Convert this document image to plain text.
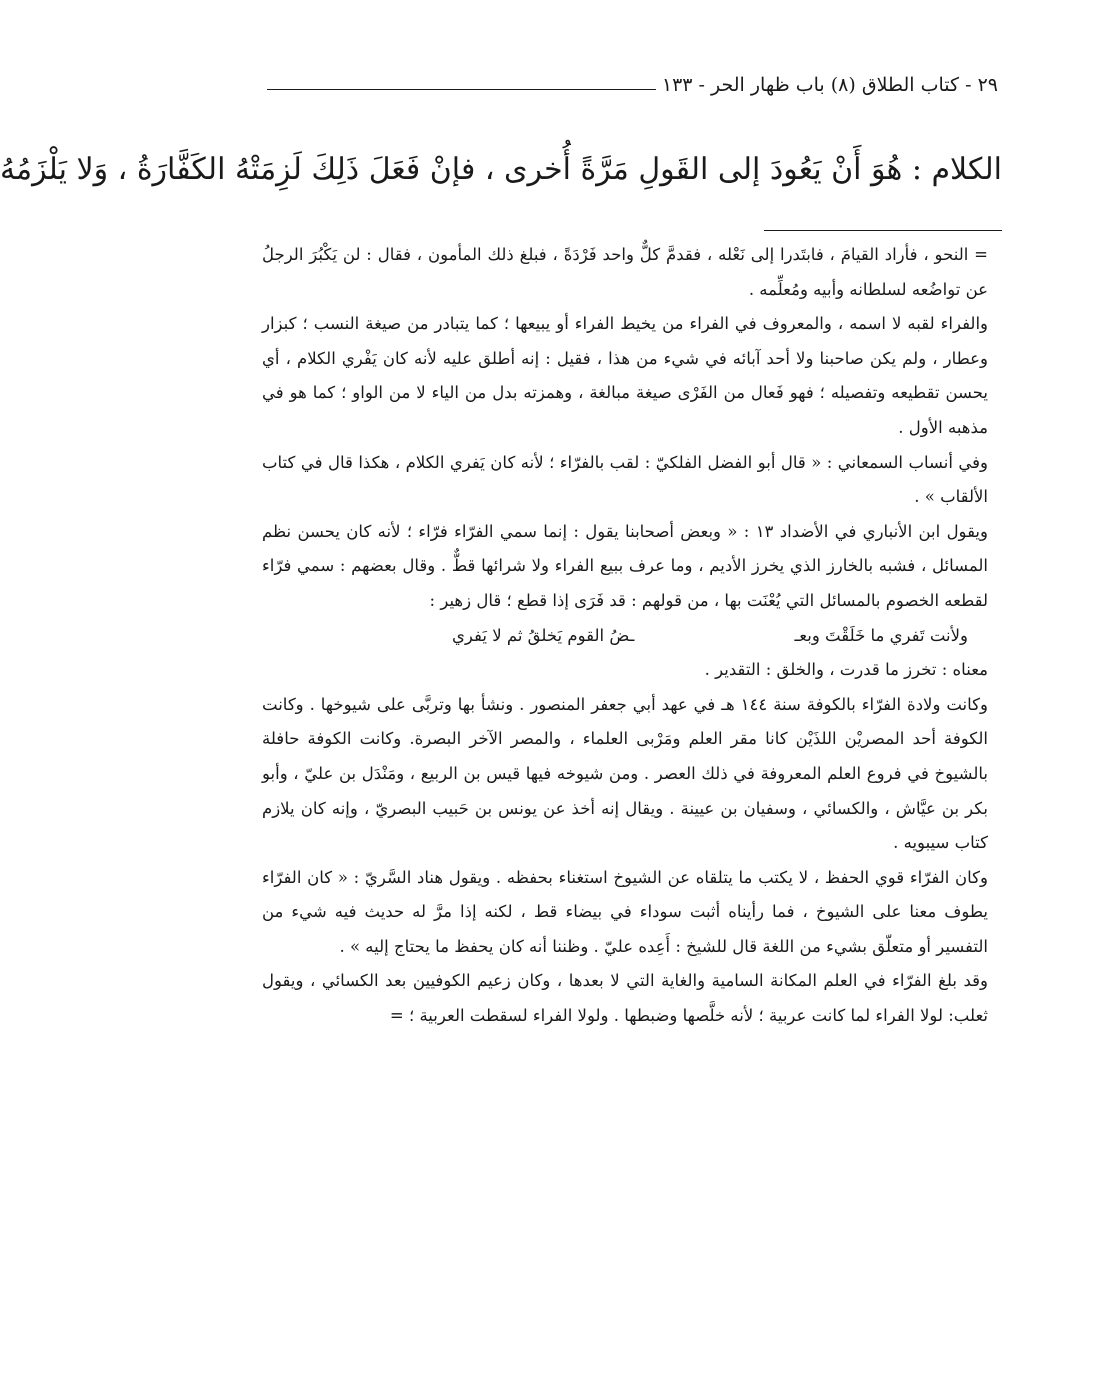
٢٩ - كتاب الطلاق (٨) باب ظهار الحر - ١٣٣
الكلام : هُوَ أَنْ يَعُودَ إلى القَولِ مَرَّةً أُخرى ، فإنْ فَعَلَ ذَلِكَ لَزِمَتْهُ الكَفَّارَةُ ، وَلا يَلْزَمُهُ

= النحو ، فأراد القيامَ ، فابتَدرا إلى نَعْله ، فقدمَّ كلٌّ واحد فَرْدَةً ، فبلغ ذلك المأمون ، فقال : لن يَكْبُرَ الرجلُ عن تواضُعه لسلطانه وأبيه ومُعلِّمه .

والفراء لقبه لا اسمه ، والمعروف في الفراء من يخيط الفراء أو يبيعها ؛ كما يتبادر من صيغة النسب ؛ كبزار وعطار ، ولم يكن صاحبنا ولا أحد آبائه في شيء من هذا ، فقيل : إنه أطلق عليه لأنه كان يَفْري الكلام ، أي يحسن تقطيعه وتفصيله ؛ فهو فَعال من الفَرْى صيغة مبالغة ، وهمزته بدل من الياء لا من الواو ؛ كما هو في مذهبه الأول .

وفي أنساب السمعاني : « قال أبو الفضل الفلكيّ : لقب بالفرّاء ؛ لأنه كان يَفري الكلام ، هكذا قال في كتاب الألقاب » .

ويقول ابن الأنباري في الأضداد ١٣ : « وبعض أصحابنا يقول : إنما سمي الفرّاء فرّاء ؛ لأنه كان يحسن نظم المسائل ، فشبه بالخارز الذي يخرز الأديم ، وما عرف ببيع الفراء ولا شرائها قطٌّ . وقال بعضهم : سمي فرّاء لقطعه الخصوم بالمسائل التي يُعْنَت بها ، من قولهم : قد فَرَى إذا قطع ؛ قال زهير :

ولأنت تَفري ما خَلَقْتَ وبعـ
ـضُ القوم يَخلقُ ثم لا يَفري

معناه : تخرز ما قدرت ، والخلق : التقدير .

وكانت ولادة الفرّاء بالكوفة سنة ١٤٤ هـ في عهد أبي جعفر المنصور . ونشأ بها وتربَّى على شيوخها . وكانت الكوفة أحد المصريْن اللذَيْن كانا مقر العلم ومَرْبى العلماء ، والمصر الآخر البصرة. وكانت الكوفة حافلة بالشيوخ في فروع العلم المعروفة في ذلك العصر . ومن شيوخه فيها قيس بن الربيع ، ومَنْدَل بن عليّ ، وأبو بكر بن عيَّاش ، والكسائي ، وسفيان بن عيينة . ويقال إنه أخذ عن يونس بن حَبيب البصريّ ، وإنه كان يلازم كتاب سيبويه .

وكان الفرّاء قوي الحفظ ، لا يكتب ما يتلقاه عن الشيوخ استغناء بحفظه . ويقول هناد السَّريّ : « كان الفرّاء يطوف معنا على الشيوخ ، فما رأيناه أثبت سوداء في بيضاء قط ، لكنه إذا مرَّ له حديث فيه شيء من التفسير أو متعلّق بشيء من اللغة قال للشيخ : أَعِده عليّ . وظننا أنه كان يحفظ ما يحتاج إليه » .

وقد بلغ الفرّاء في العلم المكانة السامية والغاية التي لا بعدها ، وكان زعيم الكوفيين بعد الكسائي ، ويقول ثعلب: لولا الفراء لما كانت عربية ؛ لأنه خلَّصها وضبطها . ولولا الفراء لسقطت العربية ؛ =
